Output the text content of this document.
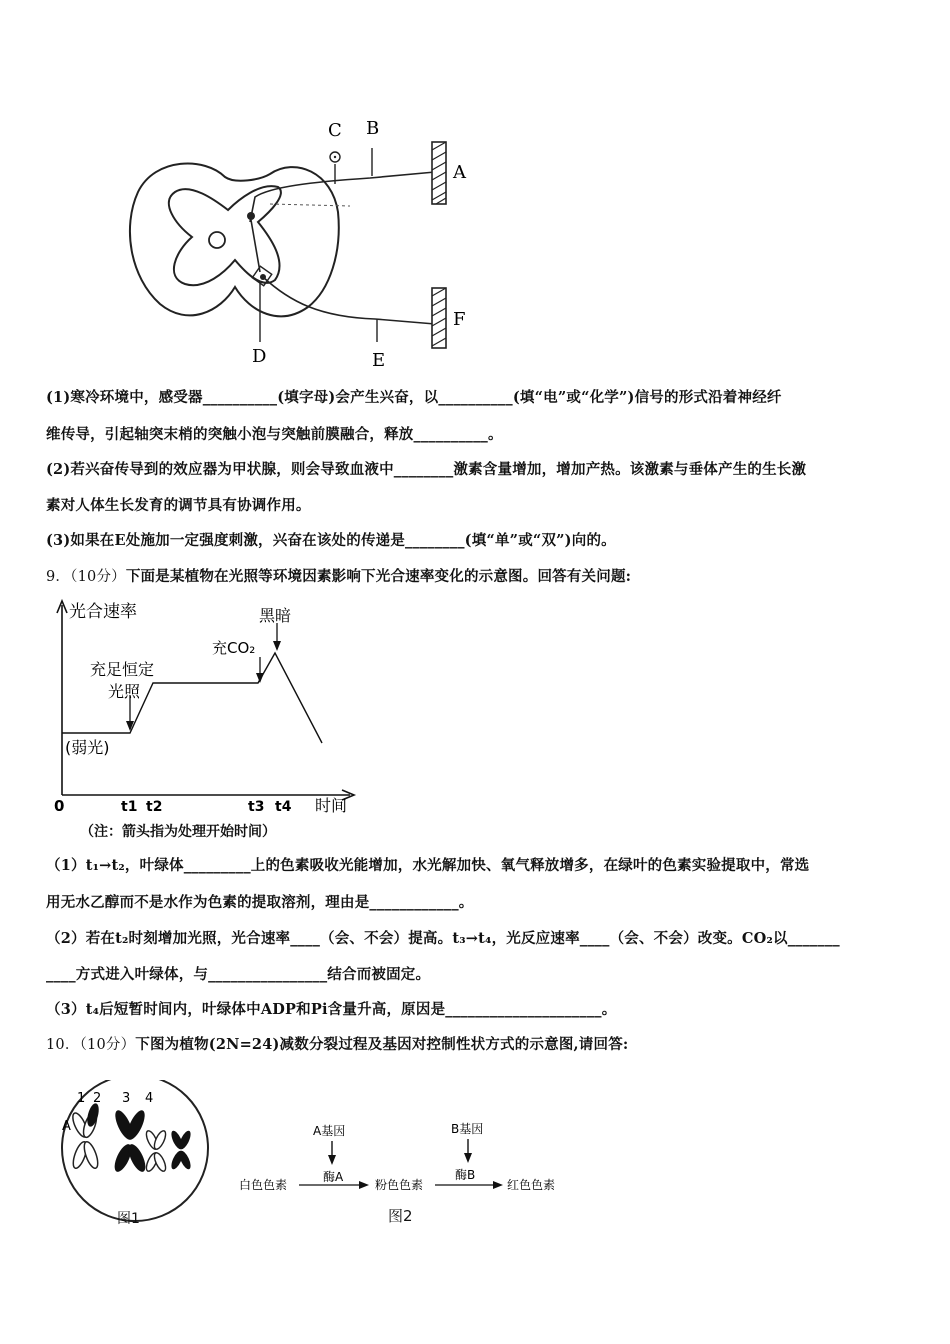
C B
A
D	E
F
(1)寒冷环境中，感受器__________(填字母)会产生兴奋，以__________(填“电”或“化学”)信号的形式沿着神经纤
维传导，引起轴突末梢的突触小泡与突触前膜融合，释放__________。
(2)若兴奋传导到的效应器为甲状腺，则会导致血液中________激素含量增加，增加产热。该激素与垂体产生的生长激
素对人体生长发育的调节具有协调作用。
(3)如果在E处施加一定强度刺激，兴奋在该处的传递是________(填“单”或“双”)向的。
9．（10分）下面是某植物在光照等环境因素影响下光合速率变化的示意图。回答有关问题:
光合速率	黑暗
充CO₂
充足恒定
光照
(弱光)
0	t1 t2	t3 t4 时间
（注：箭头指为处理开始时间）
（1）t₁→t₂，叶绿体_________上的色素吸收光能增加，水光解加快、氧气释放增多，在绿叶的色素实验提取中，常选
用无水乙醇而不是水作为色素的提取溶剂，理由是____________。
（2）若在t₂时刻增加光照，光合速率____（会、不会）提高。t₃→t₄，光反应速率____（会、不会）改变。CO₂以_______
____方式进入叶绿体，与________________结合而被固定。
（3）t₄后短暂时间内，叶绿体中ADP和Pi含量升高，原因是_____________________。
10．（10分）下图为植物(2N=24)减数分裂过程及基因对控制性状方式的示意图,请回答:
1 2 3 4
A
图1
A基因	B基因
酶A	酶B
白色色素	粉色色素	红色色素
图2
